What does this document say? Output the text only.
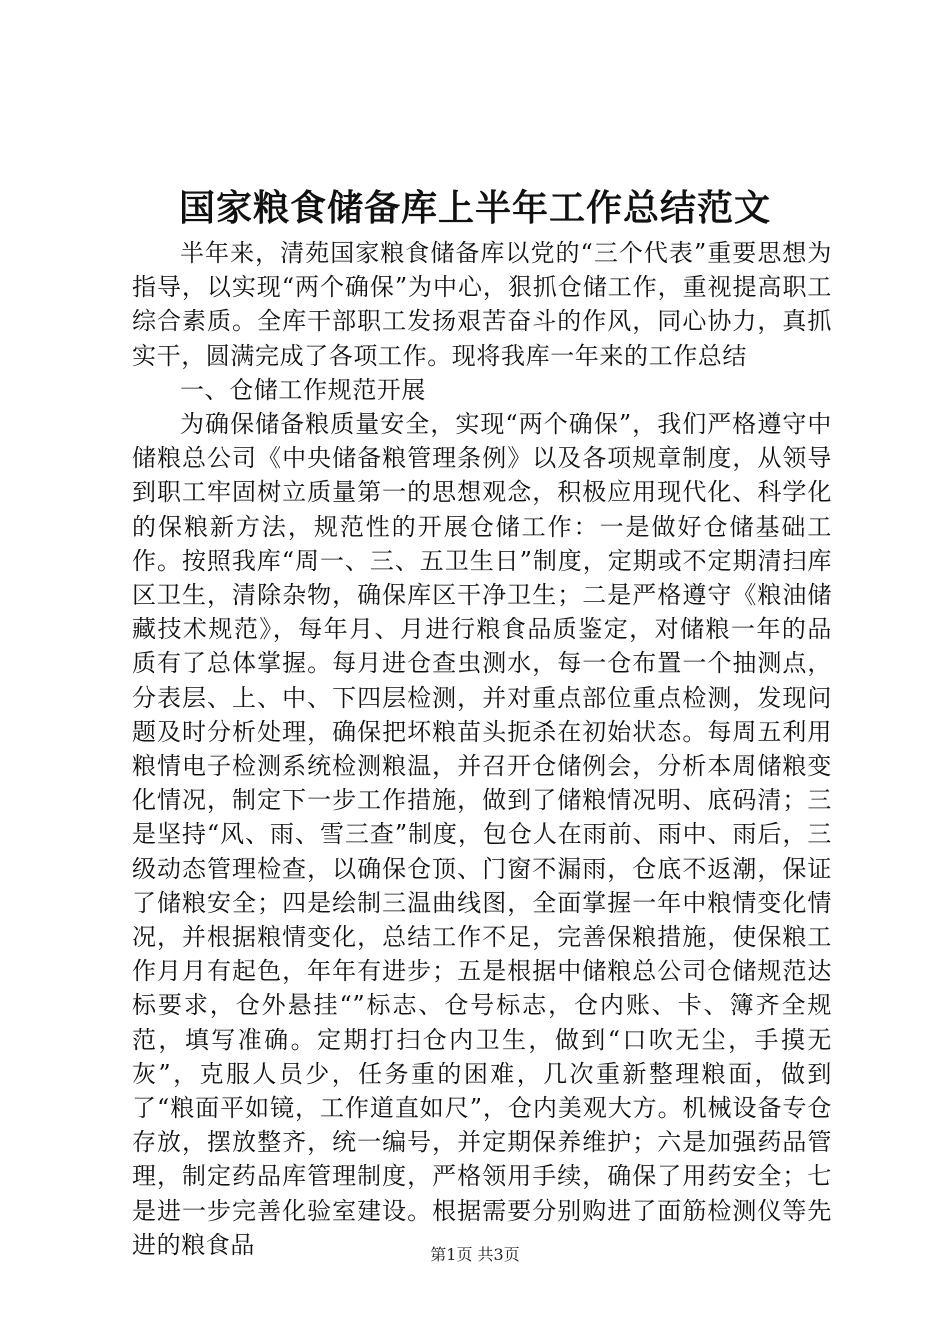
国家粮食储备库上半年工作总结范文

半年来，清苑国家粮食储备库以党的“三个代表”重要思想为指导，以实现“两个确保”为中心，狠抓仓储工作，重视提高职工综合素质。全库干部职工发扬艰苦奋斗的作风，同心协力，真抓实干，圆满完成了各项工作。现将我库一年来的工作总结

一、仓储工作规范开展

为确保储备粮质量安全，实现“两个确保”，我们严格遵守中储粮总公司《中央储备粮管理条例》以及各项规章制度，从领导到职工牢固树立质量第一的思想观念，积极应用现代化、科学化的保粮新方法，规范性的开展仓储工作：一是做好仓储基础工作。按照我库“周一、三、五卫生日”制度，定期或不定期清扫库区卫生，清除杂物，确保库区干净卫生；二是严格遵守《粮油储藏技术规范》，每年月、月进行粮食品质鉴定，对储粮一年的品质有了总体掌握。每月进仓查虫测水，每一仓布置一个抽测点，分表层、上、中、下四层检测，并对重点部位重点检测，发现问题及时分析处理，确保把坏粮苗头扼杀在初始状态。每周五利用粮情电子检测系统检测粮温，并召开仓储例会，分析本周储粮变化情况，制定下一步工作措施，做到了储粮情况明、底码清；三是坚持“风、雨、雪三查”制度，包仓人在雨前、雨中、雨后，三级动态管理检查，以确保仓顶、门窗不漏雨，仓底不返潮，保证了储粮安全；四是绘制三温曲线图，全面掌握一年中粮情变化情况，并根据粮情变化，总结工作不足，完善保粮措施，使保粮工作月月有起色，年年有进步；五是根据中储粮总公司仓储规范达标要求，仓外悬挂“”标志、仓号标志，仓内账、卡、簿齐全规范，填写准确。定期打扫仓内卫生，做到“口吹无尘，手摸无灰”，克服人员少，任务重的困难，几次重新整理粮面，做到了“粮面平如镜，工作道直如尺”，仓内美观大方。机械设备专仓存放，摆放整齐，统一编号，并定期保养维护；六是加强药品管理，制定药品库管理制度，严格领用手续，确保了用药安全；七是进一步完善化验室建设。根据需要分别购进了面筋检测仪等先进的粮食品	第1页 共3页
